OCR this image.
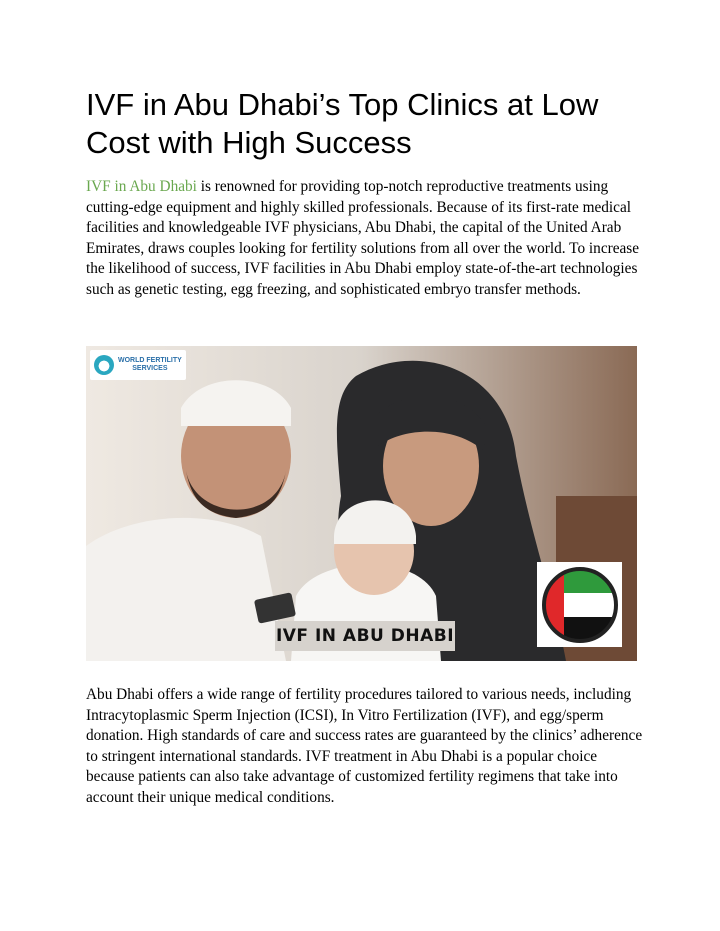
IVF in Abu Dhabi’s Top Clinics at Low Cost with High Success

IVF in Abu Dhabi is renowned for providing top-notch reproductive treatments using cutting-edge equipment and highly skilled professionals. Because of its first-rate medical facilities and knowledgeable IVF physicians, Abu Dhabi, the capital of the United Arab Emirates, draws couples looking for fertility solutions from all over the world. To increase the likelihood of success, IVF facilities in Abu Dhabi employ state-of-the-art technologies such as genetic testing, egg freezing, and sophisticated embryo transfer methods.

WORLD FERTILITY
SERVICES
IVF IN ABU DHABI

Abu Dhabi offers a wide range of fertility procedures tailored to various needs, including Intracytoplasmic Sperm Injection (ICSI), In Vitro Fertilization (IVF), and egg/sperm donation. High standards of care and success rates are guaranteed by the clinics’ adherence to stringent international standards. IVF treatment in Abu Dhabi is a popular choice because patients can also take advantage of customized fertility regimens that take into account their unique medical conditions.
